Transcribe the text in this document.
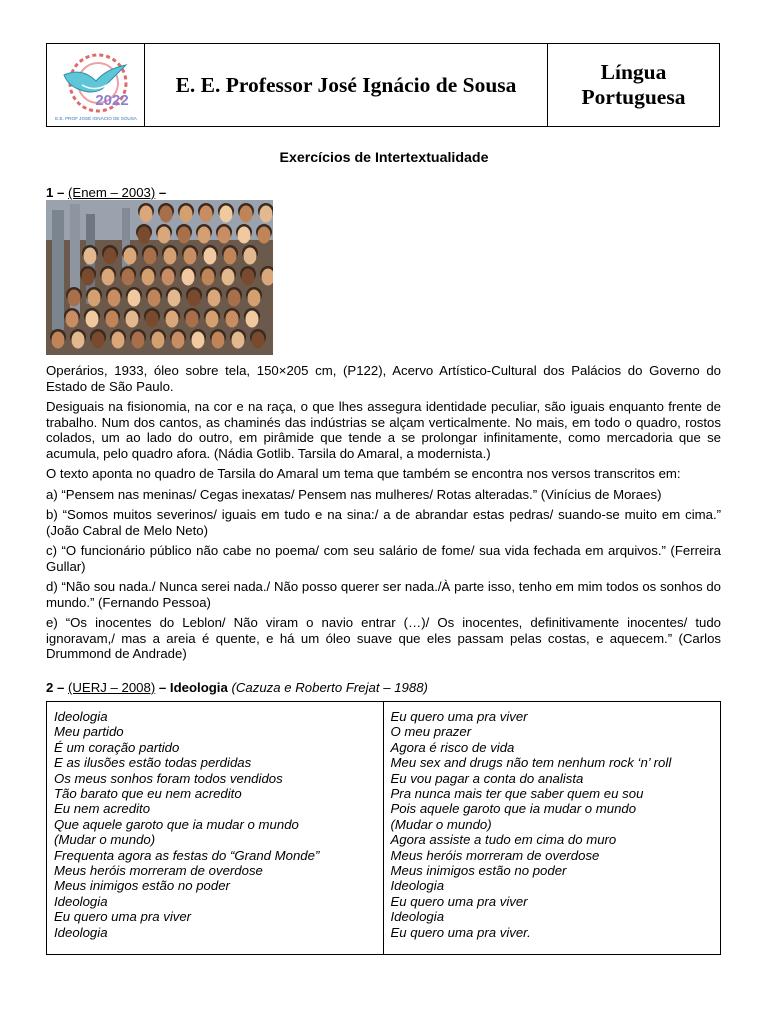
2022
E.E. PROF JOSÉ IGNÁCIO DE SOUSA
E. E. Professor José Ignácio de Sousa
Língua
Portuguesa
Exercícios de Intertextualidade
1 – (Enem – 2003) –

Operários, 1933, óleo sobre tela, 150×205 cm, (P122), Acervo Artístico-Cultural dos Palácios do Governo do Estado de São Paulo.

Desiguais na fisionomia, na cor e na raça, o que lhes assegura identidade peculiar, são iguais enquanto frente de trabalho. Num dos cantos, as chaminés das indústrias se alçam verticalmente. No mais, em todo o quadro, rostos colados, um ao lado do outro, em pirâmide que tende a se prolongar infinitamente, como mercadoria que se acumula, pelo quadro afora. (Nádia Gotlib. Tarsila do Amaral, a modernista.)

O texto aponta no quadro de Tarsila do Amaral um tema que também se encontra nos versos transcritos em:

a) “Pensem nas meninas/ Cegas inexatas/ Pensem nas mulheres/ Rotas alteradas.” (Vinícius de Moraes)

b) “Somos muitos severinos/ iguais em tudo e na sina:/ a de abrandar estas pedras/ suando-se muito em cima.” (João Cabral de Melo Neto)

c) “O funcionário público não cabe no poema/ com seu salário de fome/ sua vida fechada em arquivos.” (Ferreira Gullar)

d) “Não sou nada./ Nunca serei nada./ Não posso querer ser nada./À parte isso, tenho em mim todos os sonhos do mundo.” (Fernando Pessoa)

e) “Os inocentes do Leblon/ Não viram o navio entrar (…)/ Os inocentes, definitivamente inocentes/ tudo ignoravam,/ mas a areia é quente, e há um óleo suave que eles passam pelas costas, e aquecem.” (Carlos Drummond de Andrade)

2 – (UERJ – 2008) – Ideologia (Cazuza e Roberto Frejat – 1988)
Ideologia
Meu partido
É um coração partido
E as ilusões estão todas perdidas
Os meus sonhos foram todos vendidos
Tão barato que eu nem acredito
Eu nem acredito
Que aquele garoto que ia mudar o mundo
(Mudar o mundo)
Frequenta agora as festas do “Grand Monde”
Meus heróis morreram de overdose
Meus inimigos estão no poder
Ideologia
Eu quero uma pra viver
Ideologia
Eu quero uma pra viver
O meu prazer
Agora é risco de vida
Meu sex and drugs não tem nenhum rock ‘n’ roll
Eu vou pagar a conta do analista
Pra nunca mais ter que saber quem eu sou
Pois aquele garoto que ia mudar o mundo
(Mudar o mundo)
Agora assiste a tudo em cima do muro
Meus heróis morreram de overdose
Meus inimigos estão no poder
Ideologia
Eu quero uma pra viver
Ideologia
Eu quero uma pra viver.
